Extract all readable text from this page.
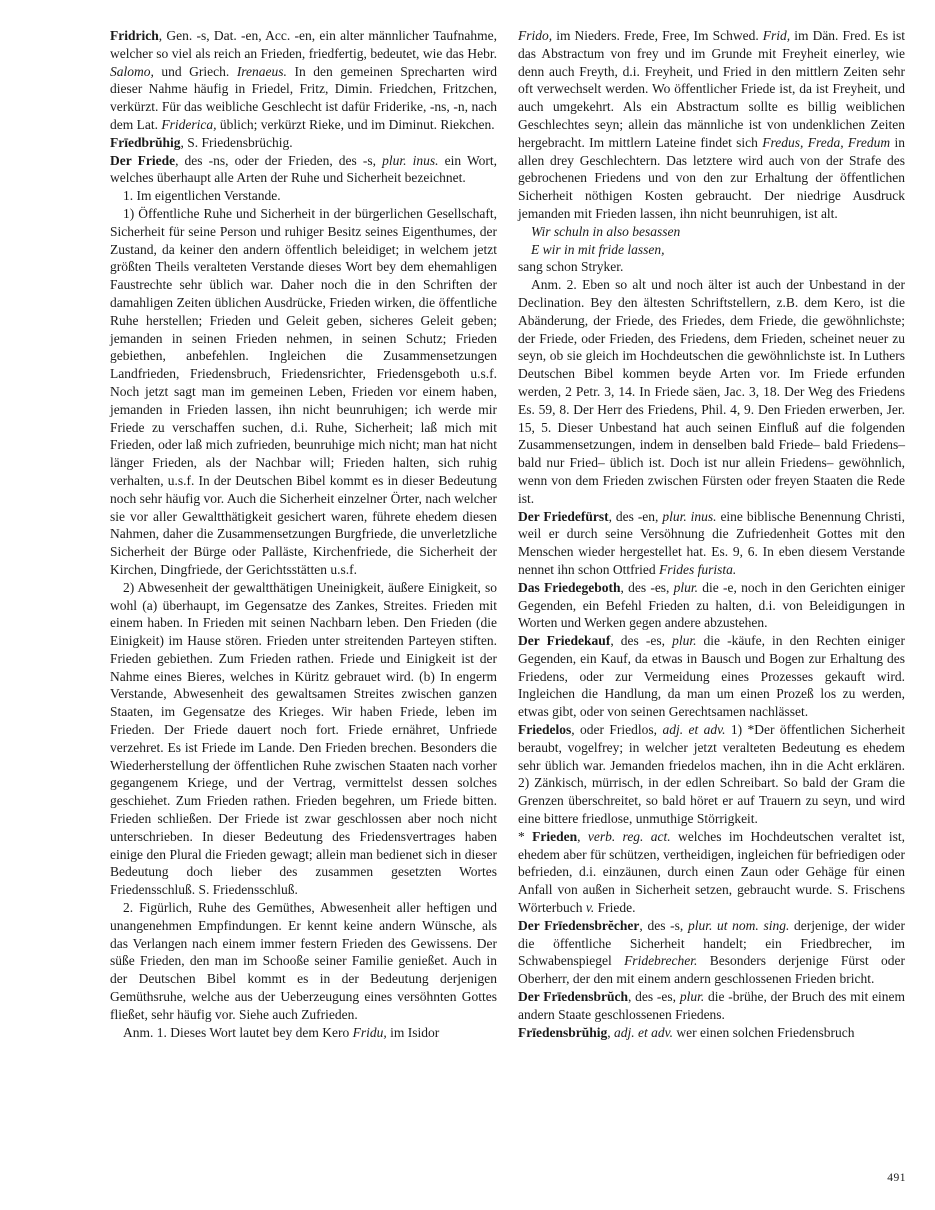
Fridrich, Gen. -s, Dat. -en, Acc. -en, ein alter männlicher Taufnahme, welcher so viel als reich an Frieden, friedfertig, bedeutet, wie das Hebr. Salomo, und Griech. Irenaeus. In den gemeinen Sprecharten wird dieser Nahme häufig in Friedel, Fritz, Dimin. Friedchen, Fritzchen, verkürzt. Für das weibliche Geschlecht ist dafür Friderike, -ns, -n, nach dem Lat. Friderica, üblich; verkürzt Rieke, und im Diminut. Riekchen.

Frīedbrŭhig, S. Friedensbrüchig.

Der Friede, des -ns, oder der Frieden, des -s, plur. inus. ein Wort, welches überhaupt alle Arten der Ruhe und Sicherheit bezeichnet.

1. Im eigentlichen Verstande.

1) Öffentliche Ruhe und Sicherheit in der bürgerlichen Gesellschaft, Sicherheit für seine Person und ruhiger Besitz seines Eigenthumes, der Zustand, da keiner den andern öffentlich beleidiget; in welchem jetzt größten Theils veralteten Verstande dieses Wort bey dem ehemahligen Faustrechte sehr üblich war. Daher noch die in den Schriften der damahligen Zeiten üblichen Ausdrücke, Frieden wirken, die öffentliche Ruhe herstellen; Frieden und Geleit geben, sicheres Geleit geben; jemanden in seinen Frieden nehmen, in seinen Schutz; Frieden gebiethen, anbefehlen. Ingleichen die Zusammensetzungen Landfrieden, Friedensbruch, Friedensrichter, Friedensgeboth u.s.f. Noch jetzt sagt man im gemeinen Leben, Frieden vor einem haben, jemanden in Frieden lassen, ihn nicht beunruhigen; ich werde mir Friede zu verschaffen suchen, d.i. Ruhe, Sicherheit; laß mich mit Frieden, oder laß mich zufrieden, beunruhige mich nicht; man hat nicht länger Frieden, als der Nachbar will; Frieden halten, sich ruhig verhalten, u.s.f. In der Deutschen Bibel kommt es in dieser Bedeutung noch sehr häufig vor. Auch die Sicherheit einzelner Örter, nach welcher sie vor aller Gewaltthätigkeit gesichert waren, führete ehedem diesen Nahmen, daher die Zusammensetzungen Burgfriede, die unverletzliche Sicherheit der Bürge oder Palläste, Kirchenfriede, die Sicherheit der Kirchen, Dingfriede, der Gerichtsstätten u.s.f.

2) Abwesenheit der gewaltthätigen Uneinigkeit, äußere Einigkeit, so wohl (a) überhaupt, im Gegensatze des Zankes, Streites. Frieden mit einem haben. In Frieden mit seinen Nachbarn leben. Den Frieden (die Einigkeit) im Hause stören. Frieden unter streitenden Parteyen stiften. Frieden gebiethen. Zum Frieden rathen. Friede und Einigkeit ist der Nahme eines Bieres, welches in Küritz gebrauet wird. (b) In engerm Verstande, Abwesenheit des gewaltsamen Streites zwischen ganzen Staaten, im Gegensatze des Krieges. Wir haben Friede, leben im Frieden. Der Friede dauert noch fort. Friede ernähret, Unfriede verzehret. Es ist Friede im Lande. Den Frieden brechen. Besonders die Wiederherstellung der öffentlichen Ruhe zwischen Staaten nach vorher gegangenem Kriege, und der Vertrag, vermittelst dessen solches geschiehet. Zum Frieden rathen. Frieden begehren, um Friede bitten. Frieden schließen. Der Friede ist zwar geschlossen aber noch nicht unterschrieben. In dieser Bedeutung des Friedensvertrages haben einige den Plural die Frieden gewagt; allein man bedienet sich in dieser Bedeutung doch lieber des zusammen gesetzten Wortes Friedensschluß. S. Friedensschluß.

2. Figürlich, Ruhe des Gemüthes, Abwesenheit aller heftigen und unangenehmen Empfindungen. Er kennt keine andern Wünsche, als das Verlangen nach einem immer festern Frieden des Gewissens. Der süße Frieden, den man im Schooße seiner Familie genießet. Auch in der Deutschen Bibel kommt es in der Bedeutung derjenigen Gemüthsruhe, welche aus der Ueberzeugung eines versöhnten Gottes fließet, sehr häufig vor. Siehe auch Zufrieden.

Anm. 1. Dieses Wort lautet bey dem Kero Fridu, im Isidor

Frido, im Nieders. Frede, Free, Im Schwed. Frid, im Dän. Fred. Es ist das Abstractum von frey und im Grunde mit Freyheit einerley, wie denn auch Freyth, d.i. Freyheit, und Fried in den mittlern Zeiten sehr oft verwechselt werden. Wo öffentlicher Friede ist, da ist Freyheit, und auch umgekehrt. Als ein Abstractum sollte es billig weiblichen Geschlechtes seyn; allein das männliche ist von undenklichen Zeiten hergebracht. Im mittlern Lateine findet sich Fredus, Freda, Fredum in allen drey Geschlechtern. Das letztere wird auch von der Strafe des gebrochenen Friedens und von den zur Erhaltung der öffentlichen Sicherheit nöthigen Kosten gebraucht. Der niedrige Ausdruck jemanden mit Frieden lassen, ihn nicht beunruhigen, ist alt.

Wir schuln in also besassen

E wir in mit fride lassen,

sang schon Stryker.

Anm. 2. Eben so alt und noch älter ist auch der Unbestand in der Declination. Bey den ältesten Schriftstellern, z.B. dem Kero, ist die Abänderung, der Friede, des Friedes, dem Friede, die gewöhnlichste; der Friede, oder Frieden, des Friedens, dem Frieden, scheinet neuer zu seyn, ob sie gleich im Hochdeutschen die gewöhnlichste ist. In Luthers Deutschen Bibel kommen beyde Arten vor. Im Friede erfunden werden, 2 Petr. 3, 14. In Friede säen, Jac. 3, 18. Der Weg des Friedens Es. 59, 8. Der Herr des Friedens, Phil. 4, 9. Den Frieden erwerben, Jer. 15, 5. Dieser Unbestand hat auch seinen Einfluß auf die folgenden Zusammensetzungen, indem in denselben bald Friede– bald Friedens– bald nur Fried– üblich ist. Doch ist nur allein Friedens– gewöhnlich, wenn von dem Frieden zwischen Fürsten oder freyen Staaten die Rede ist.

Der Friedefürst, des -en, plur. inus. eine biblische Benennung Christi, weil er durch seine Versöhnung die Zufriedenheit Gottes mit den Menschen wieder hergestellet hat. Es. 9, 6. In eben diesem Verstande nennet ihn schon Ottfried Frides furista.

Das Friedegeboth, des -es, plur. die -e, noch in den Gerichten einiger Gegenden, ein Befehl Frieden zu halten, d.i. von Beleidigungen in Worten und Werken gegen andere abzustehen.

Der Friedekauf, des -es, plur. die -käufe, in den Rechten einiger Gegenden, ein Kauf, da etwas in Bausch und Bogen zur Erhaltung des Friedens, oder zur Vermeidung eines Prozesses gekauft wird. Ingleichen die Handlung, da man um einen Prozeß los zu werden, etwas gibt, oder von seinen Gerechtsamen nachlässet.

Friedelos, oder Friedlos, adj. et adv. 1) *Der öffentlichen Sicherheit beraubt, vogelfrey; in welcher jetzt veralteten Bedeutung es ehedem sehr üblich war. Jemanden friedelos machen, ihn in die Acht erklären. 2) Zänkisch, mürrisch, in der edlen Schreibart. So bald der Gram die Grenzen überschreitet, so bald höret er auf Trauern zu seyn, und wird eine bittere friedlose, unmuthige Störrigkeit.

* Frieden, verb. reg. act. welches im Hochdeutschen veraltet ist, ehedem aber für schützen, vertheidigen, ingleichen für befriedigen oder befrieden, d.i. einzäunen, durch einen Zaun oder Gehäge für einen Anfall von außen in Sicherheit setzen, gebraucht wurde. S. Frischens Wörterbuch v. Friede.

Der Frīedensbrĕcher, des -s, plur. ut nom. sing. derjenige, der wider die öffentliche Sicherheit handelt; ein Friedbrecher, im Schwabenspiegel Fridebrecher. Besonders derjenige Fürst oder Oberherr, der den mit einem andern geschlossenen Frieden bricht.

Der Frīedensbrŭch, des -es, plur. die -brühe, der Bruch des mit einem andern Staate geschlossenen Friedens.

Frīedensbrŭhig, adj. et adv. wer einen solchen Friedensbruch

491
